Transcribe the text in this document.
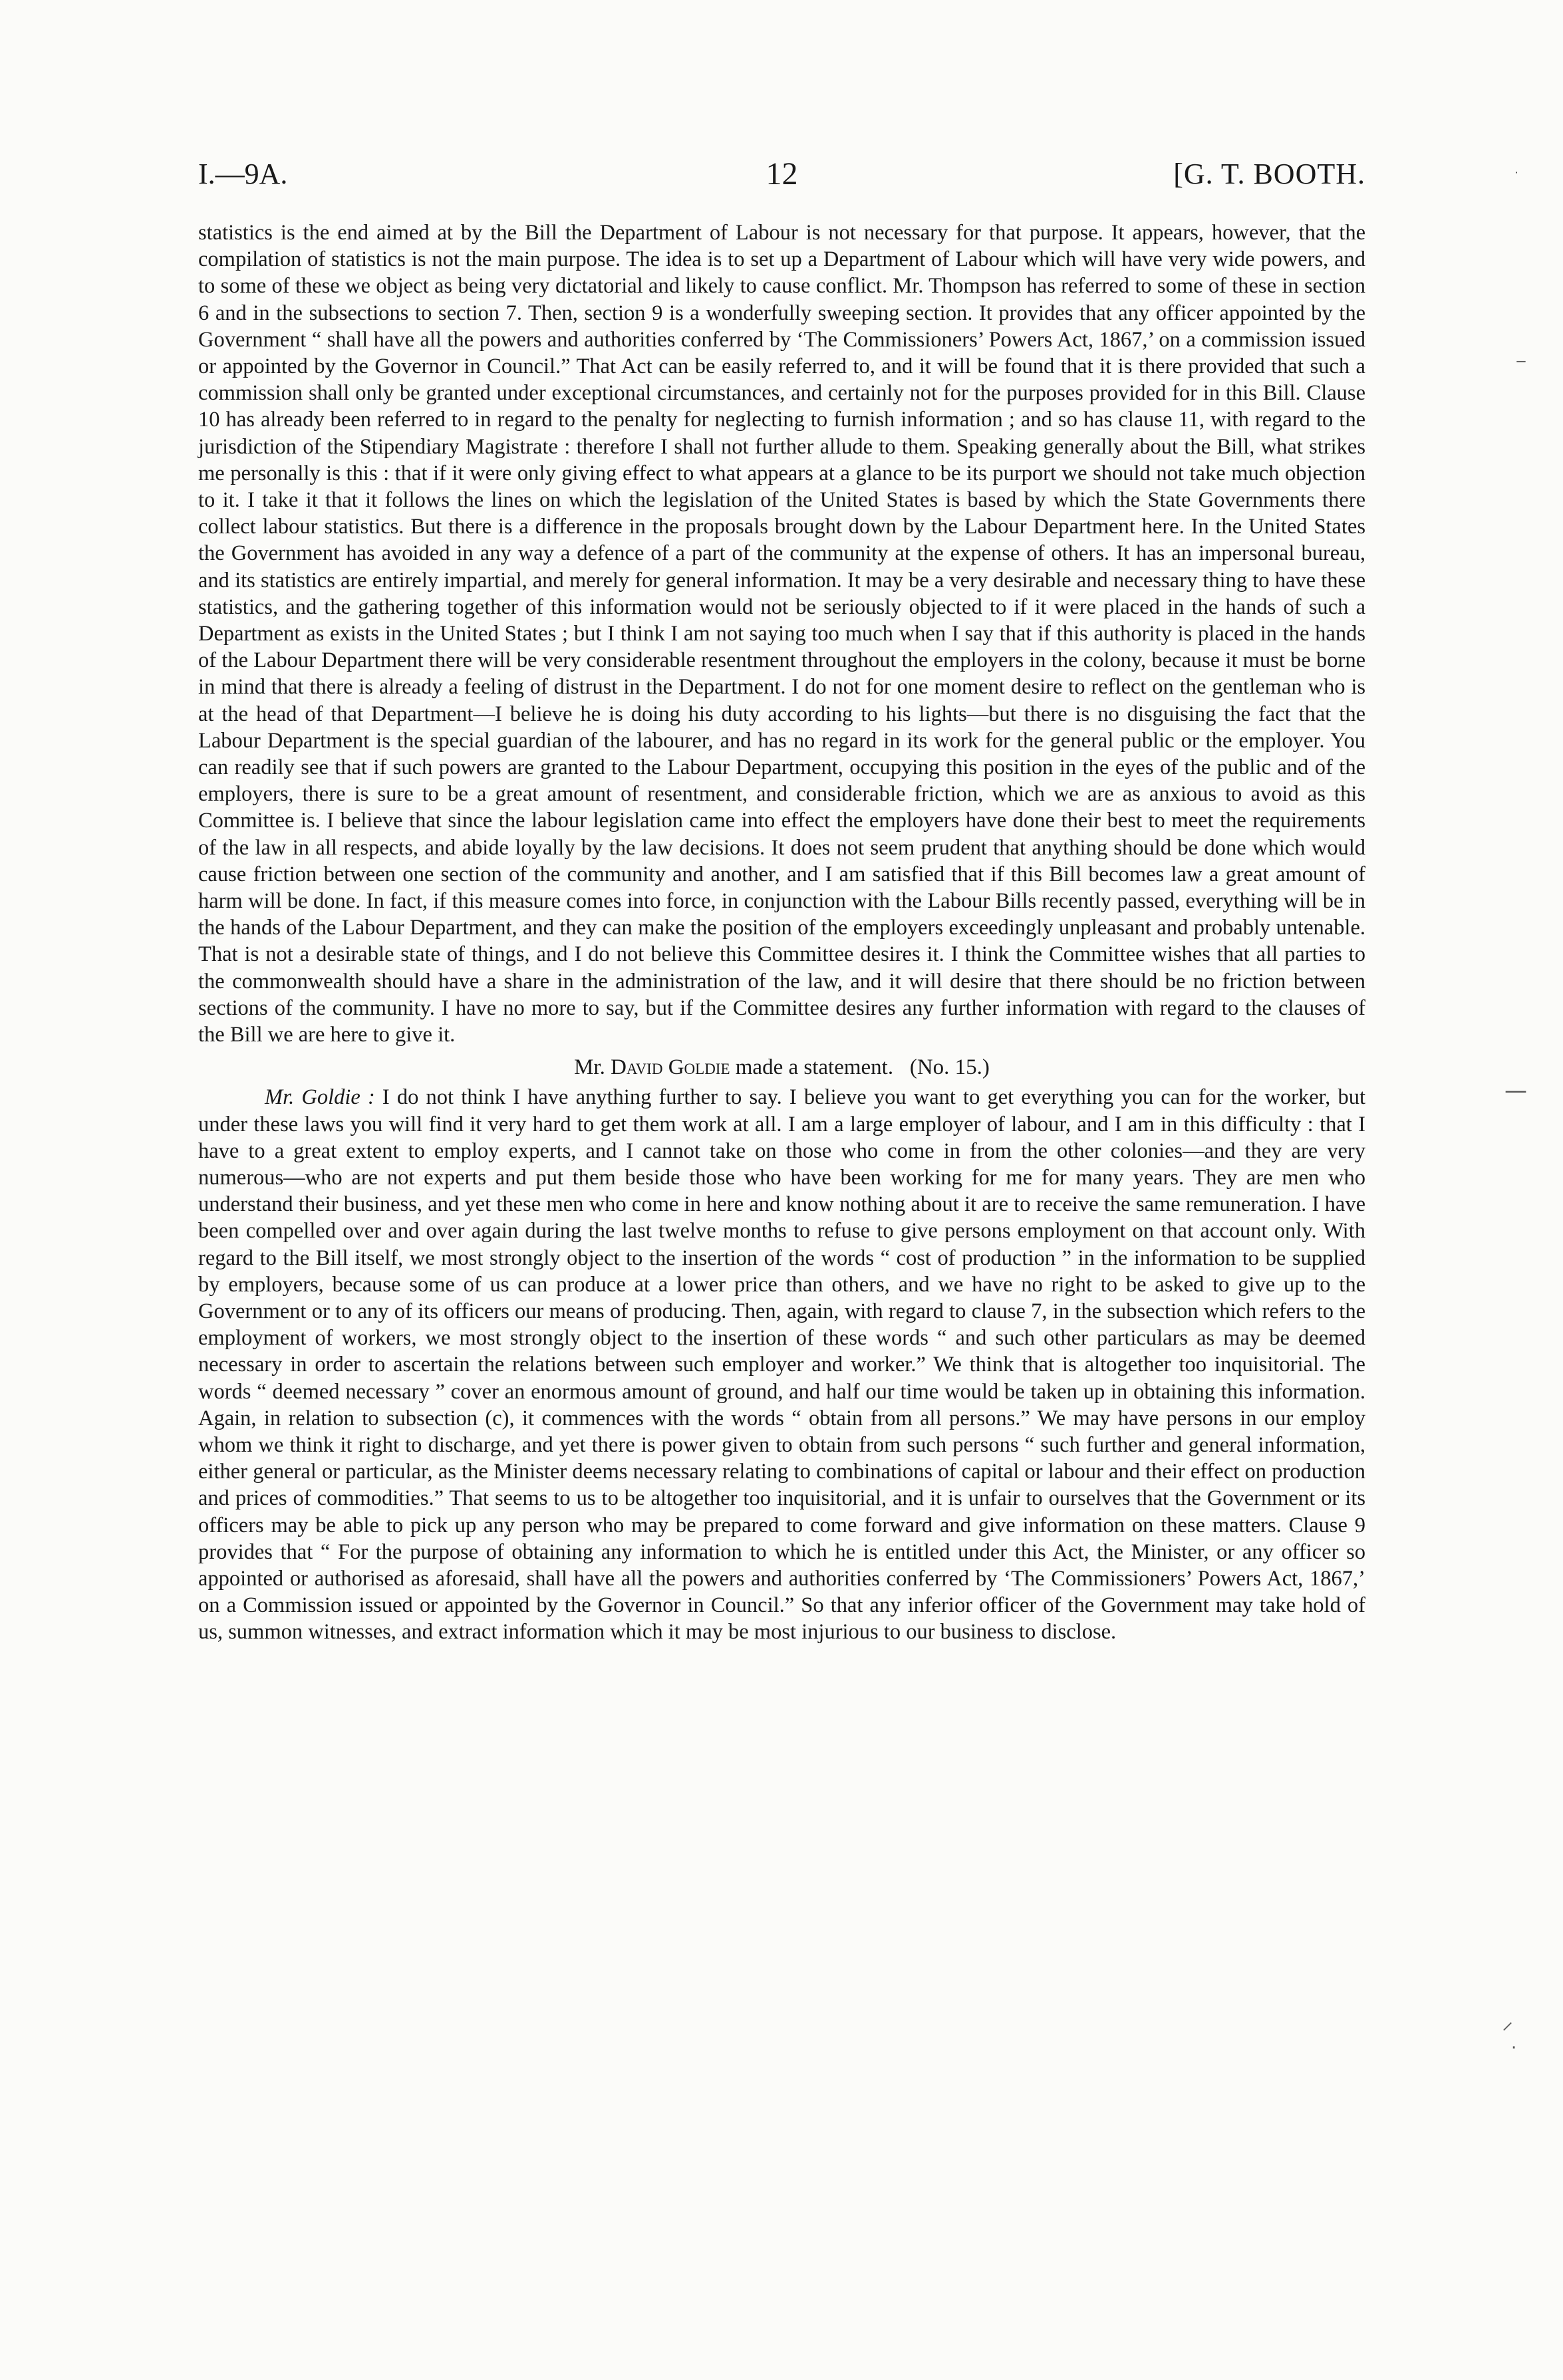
I.—9A.	12	[G. T. BOOTH.

statistics is the end aimed at by the Bill the Department of Labour is not necessary for that purpose. It appears, however, that the compilation of statistics is not the main purpose. The idea is to set up a Department of Labour which will have very wide powers, and to some of these we object as being very dictatorial and likely to cause conflict. Mr. Thompson has referred to some of these in section 6 and in the subsections to section 7. Then, section 9 is a wonderfully sweeping section. It provides that any officer appointed by the Government “ shall have all the powers and authorities conferred by ‘The Commissioners’ Powers Act, 1867,’ on a commission issued or appointed by the Governor in Council.” That Act can be easily referred to, and it will be found that it is there provided that such a commission shall only be granted under exceptional circumstances, and certainly not for the purposes provided for in this Bill. Clause 10 has already been referred to in regard to the penalty for neglecting to furnish information ; and so has clause 11, with regard to the jurisdiction of the Stipendiary Magistrate : therefore I shall not further allude to them. Speaking generally about the Bill, what strikes me personally is this : that if it were only giving effect to what appears at a glance to be its purport we should not take much objection to it. I take it that it follows the lines on which the legislation of the United States is based by which the State Governments there collect labour statistics. But there is a difference in the proposals brought down by the Labour Department here. In the United States the Government has avoided in any way a defence of a part of the community at the expense of others. It has an impersonal bureau, and its statistics are entirely impartial, and merely for general information. It may be a very desirable and necessary thing to have these statistics, and the gathering together of this information would not be seriously objected to if it were placed in the hands of such a Department as exists in the United States ; but I think I am not saying too much when I say that if this authority is placed in the hands of the Labour Department there will be very considerable resentment throughout the employers in the colony, because it must be borne in mind that there is already a feeling of distrust in the Department. I do not for one moment desire to reflect on the gentleman who is at the head of that Department—I believe he is doing his duty according to his lights—but there is no disguising the fact that the Labour Department is the special guardian of the labourer, and has no regard in its work for the general public or the employer. You can readily see that if such powers are granted to the Labour Department, occupying this position in the eyes of the public and of the employers, there is sure to be a great amount of resentment, and considerable friction, which we are as anxious to avoid as this Committee is. I believe that since the labour legislation came into effect the employers have done their best to meet the requirements of the law in all respects, and abide loyally by the law decisions. It does not seem prudent that anything should be done which would cause friction between one section of the community and another, and I am satisfied that if this Bill becomes law a great amount of harm will be done. In fact, if this measure comes into force, in conjunction with the Labour Bills recently passed, everything will be in the hands of the Labour Department, and they can make the position of the employers exceedingly unpleasant and probably untenable. That is not a desirable state of things, and I do not believe this Committee desires it. I think the Committee wishes that all parties to the commonwealth should have a share in the administration of the law, and it will desire that there should be no friction between sections of the community. I have no more to say, but if the Committee desires any further information with regard to the clauses of the Bill we are here to give it.

Mr. David Goldie made a statement. (No. 15.)

Mr. Goldie : I do not think I have anything further to say. I believe you want to get everything you can for the worker, but under these laws you will find it very hard to get them work at all. I am a large employer of labour, and I am in this difficulty : that I have to a great extent to employ experts, and I cannot take on those who come in from the other colonies—and they are very numerous—who are not experts and put them beside those who have been working for me for many years. They are men who understand their business, and yet these men who come in here and know nothing about it are to receive the same remuneration. I have been compelled over and over again during the last twelve months to refuse to give persons employment on that account only. With regard to the Bill itself, we most strongly object to the insertion of the words “ cost of production ” in the information to be supplied by employers, because some of us can produce at a lower price than others, and we have no right to be asked to give up to the Government or to any of its officers our means of producing. Then, again, with regard to clause 7, in the subsection which refers to the employment of workers, we most strongly object to the insertion of these words “ and such other particulars as may be deemed necessary in order to ascertain the relations between such employer and worker.” We think that is altogether too inquisitorial. The words “ deemed necessary ” cover an enormous amount of ground, and half our time would be taken up in obtaining this information. Again, in relation to subsection (c), it commences with the words “ obtain from all persons.” We may have persons in our employ whom we think it right to discharge, and yet there is power given to obtain from such persons “ such further and general information, either general or particular, as the Minister deems necessary relating to combinations of capital or labour and their effect on production and prices of commodities.” That seems to us to be altogether too inquisitorial, and it is unfair to ourselves that the Government or its officers may be able to pick up any person who may be prepared to come forward and give information on these matters. Clause 9 provides that “ For the purpose of obtaining any information to which he is entitled under this Act, the Minister, or any officer so appointed or authorised as aforesaid, shall have all the powers and authorities conferred by ‘The Commissioners’ Powers Act, 1867,’ on a Commission issued or appointed by the Governor in Council.” So that any inferior officer of the Government may take hold of us, summon witnesses, and extract information which it may be most injurious to our business to disclose.

˙
⁻
—
⸝
·
